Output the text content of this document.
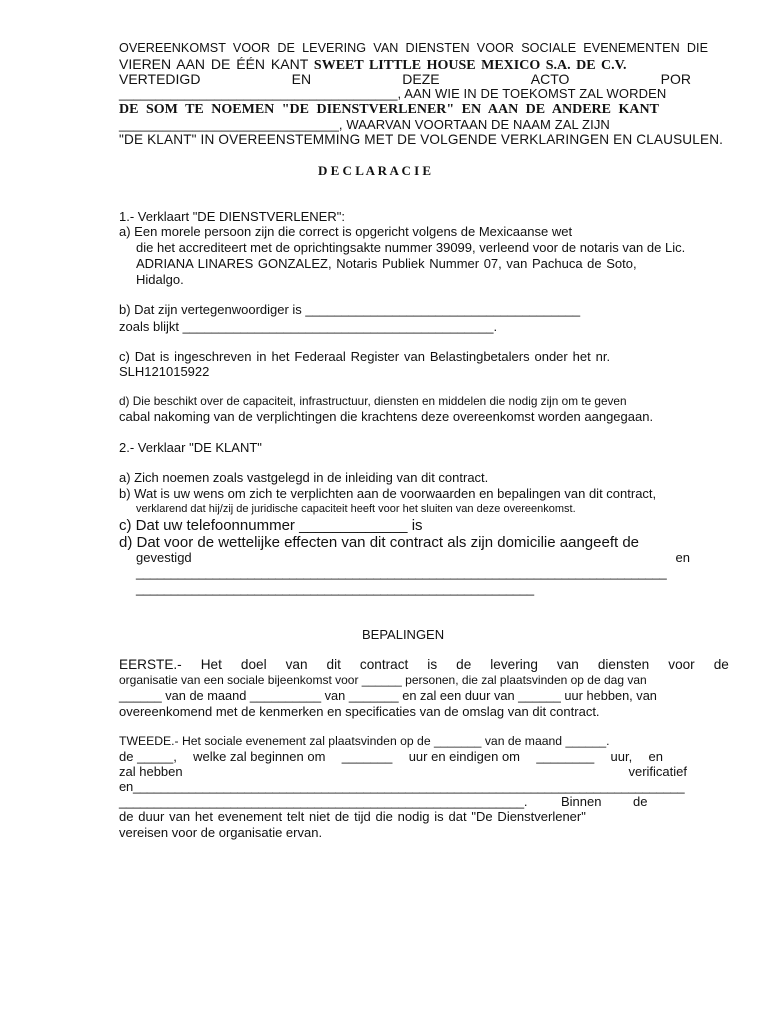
OVEREENKOMST VOOR DE LEVERING VAN DIENSTEN VOOR SOCIALE EVENEMENTEN DIE
VIEREN AAN DE ÉÉN KANT SWEET LITTLE HOUSE MEXICO S.A. DE C.V.
VERTEDIGD	EN	DEZE	ACTO	POR
______________________________________, AAN WIE IN DE TOEKOMST ZAL WORDEN
DE SOM TE NOEMEN "DE DIENSTVERLENER" EN AAN DE ANDERE KANT
______________________________, WAARVAN VOORTAAN DE NAAM ZAL ZIJN
"DE KLANT" IN OVEREENSTEMMING MET DE VOLGENDE VERKLARINGEN EN CLAUSULEN.
D E C L A R A C I E
1.- Verklaart "DE DIENSTVERLENER":
a) Een morele persoon zijn die correct is opgericht volgens de Mexicaanse wet
die het accrediteert met de oprichtingsakte nummer 39099, verleend voor de notaris van de Lic.
ADRIANA LINARES GONZALEZ, Notaris Publiek Nummer 07, van Pachuca de Soto,
Hidalgo.
b) Dat zijn vertegenwoordiger is ______________________________________
zoals blijkt ___________________________________________.
c) Dat is ingeschreven in het Federaal Register van Belastingbetalers onder het nr.
SLH121015922
d) Die beschikt over de capaciteit, infrastructuur, diensten en middelen die nodig zijn om te geven
cabal nakoming van de verplichtingen die krachtens deze overeenkomst worden aangegaan.
2.- Verklaar "DE KLANT"
a) Zich noemen zoals vastgelegd in de inleiding van dit contract.
b) Wat is uw wens om zich te verplichten aan de voorwaarden en bepalingen van dit contract,
verklarend dat hij/zij de juridische capaciteit heeft voor het sluiten van deze overeenkomst.
c) Dat uw telefoonnummer _____________ is
d) Dat voor de wettelijke effecten van dit contract als zijn domicilie aangeeft de
gevestigd	en
____________________________________________________________________________
_________________________________________________________
BEPALINGEN
EERSTE.- Het doel van dit contract is de levering van diensten voor de
organisatie van een sociale bijeenkomst voor ______ personen, die zal plaatsvinden op de dag van
______ van de maand __________ van _______ en zal een duur van ______ uur hebben, van
overeenkomend met de kenmerken en specificaties van de omslag van dit contract.
TWEEDE.- Het sociale evenement zal plaatsvinden op de _______ van de maand ______.
de _____, welke zal beginnen om _______ uur en eindigen om ________ uur, en
zal hebben	verificatief
en_______________________________________________________________________________
__________________________________________________________.	Binnen de
de duur van het evenement telt niet de tijd die nodig is dat "De Dienstverlener"
vereisen voor de organisatie ervan.
